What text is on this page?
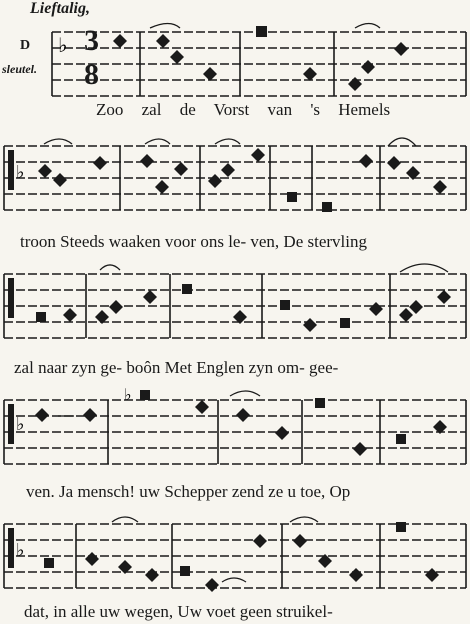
Lieftalig,
D
sleutel.
3
8
♭
Zoo zal de Vorst van 's Hemels
♭
troon Steeds waaken voor ons le- ven, De stervling
zal naar zyn ge- boôn Met Englen zyn om- gee-
♭
♭
ven. Ja mensch! uw Schepper zend ze u toe, Op
♭
dat, in alle uw wegen, Uw voet geen struikel-
